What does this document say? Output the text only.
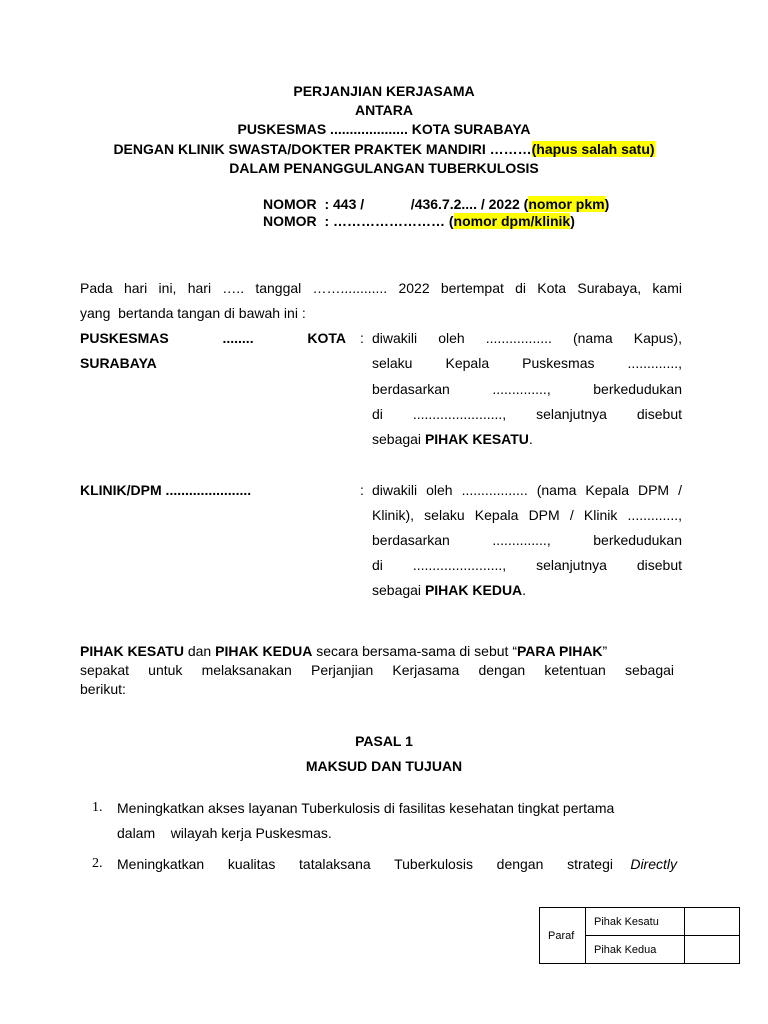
PERJANJIAN KERJASAMA
ANTARA
PUSKESMAS .................... KOTA SURABAYA
DENGAN KLINIK SWASTA/DOKTER PRAKTEK MANDIRI ………(hapus salah satu)
DALAM PENANGGULANGAN TUBERKULOSIS
NOMOR  : 443 /            /436.7.2.... / 2022 (nomor pkm)
NOMOR  : …………………… (nomor dpm/klinik)
Pada hari ini, hari ….. tanggal ……............ 2022 bertempat di Kota Surabaya, kami
yang  bertanda tangan di bawah ini :
PUSKESMAS ........ KOTA
SURABAYA
: diwakili oleh ................. (nama Kapus),
selaku Kepala Puskesmas .............,
berdasarkan .............., berkedudukan
di ......................., selanjutnya disebut
sebagai PIHAK KESATU.
KLINIK/DPM ......................	: diwakili oleh ................. (nama Kepala DPM /
Klinik), selaku Kepala DPM / Klinik .............,
berdasarkan .............., berkedudukan
di ......................., selanjutnya disebut
sebagai PIHAK KEDUA.
PIHAK KESATU dan PIHAK KEDUA secara bersama-sama di sebut “PARA PIHAK”
sepakat untuk melaksanakan Perjanjian Kerjasama dengan ketentuan sebagai
berikut:
PASAL 1
MAKSUD DAN TUJUAN
1. Meningkatkan akses layanan Tuberkulosis di fasilitas kesehatan tingkat pertama
dalam    wilayah kerja Puskesmas.
2. Meningkatkan kualitas tatalaksana Tuberkulosis dengan strategi Directly
Paraf	Pihak Kesatu	
	Pihak Kedua	
